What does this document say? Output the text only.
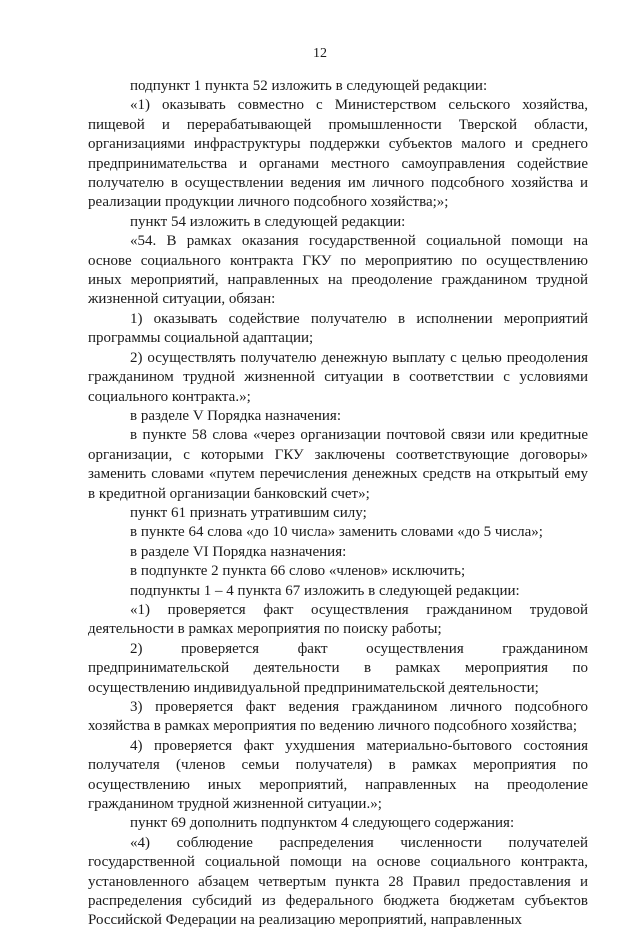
12

подпункт 1 пункта 52 изложить в следующей редакции:

«1) оказывать совместно с Министерством сельского хозяйства, пищевой и перерабатывающей промышленности Тверской области, организациями инфраструктуры поддержки субъектов малого и среднего предпринимательства и органами местного самоуправления содействие получателю в осуществлении ведения им личного подсобного хозяйства и реализации продукции личного подсобного хозяйства;»;

пункт 54 изложить в следующей редакции:

«54. В рамках оказания государственной социальной помощи на основе социального контракта ГКУ по мероприятию по осуществлению иных мероприятий, направленных на преодоление гражданином трудной жизненной ситуации, обязан:

1) оказывать содействие получателю в исполнении мероприятий программы социальной адаптации;

2) осуществлять получателю денежную выплату с целью преодоления гражданином трудной жизненной ситуации в соответствии с условиями социального контракта.»;

в разделе V Порядка назначения:

в пункте 58 слова «через организации почтовой связи или кредитные организации, с которыми ГКУ заключены соответствующие договоры» заменить словами «путем перечисления денежных средств на открытый ему в кредитной организации банковский счет»;

пункт 61 признать утратившим силу;

в пункте 64 слова «до 10 числа» заменить словами «до 5 числа»;

в разделе VI Порядка назначения:

в подпункте 2 пункта 66 слово «членов» исключить;

подпункты 1 – 4 пункта 67 изложить в следующей редакции:

«1) проверяется факт осуществления гражданином трудовой деятельности в рамках мероприятия по поиску работы;

2) проверяется факт осуществления гражданином предпринимательской деятельности в рамках мероприятия по осуществлению индивидуальной предпринимательской деятельности;

3) проверяется факт ведения гражданином личного подсобного хозяйства в рамках мероприятия по ведению личного подсобного хозяйства;

4) проверяется факт ухудшения материально-бытового состояния получателя (членов семьи получателя) в рамках мероприятия по осуществлению иных мероприятий, направленных на преодоление гражданином трудной жизненной ситуации.»;

пункт 69 дополнить подпунктом 4 следующего содержания:

«4) соблюдение распределения численности получателей государственной социальной помощи на основе социального контракта, установленного абзацем четвертым пункта 28 Правил предоставления и распределения субсидий из федерального бюджета бюджетам субъектов Российской Федерации на реализацию мероприятий, направленных
